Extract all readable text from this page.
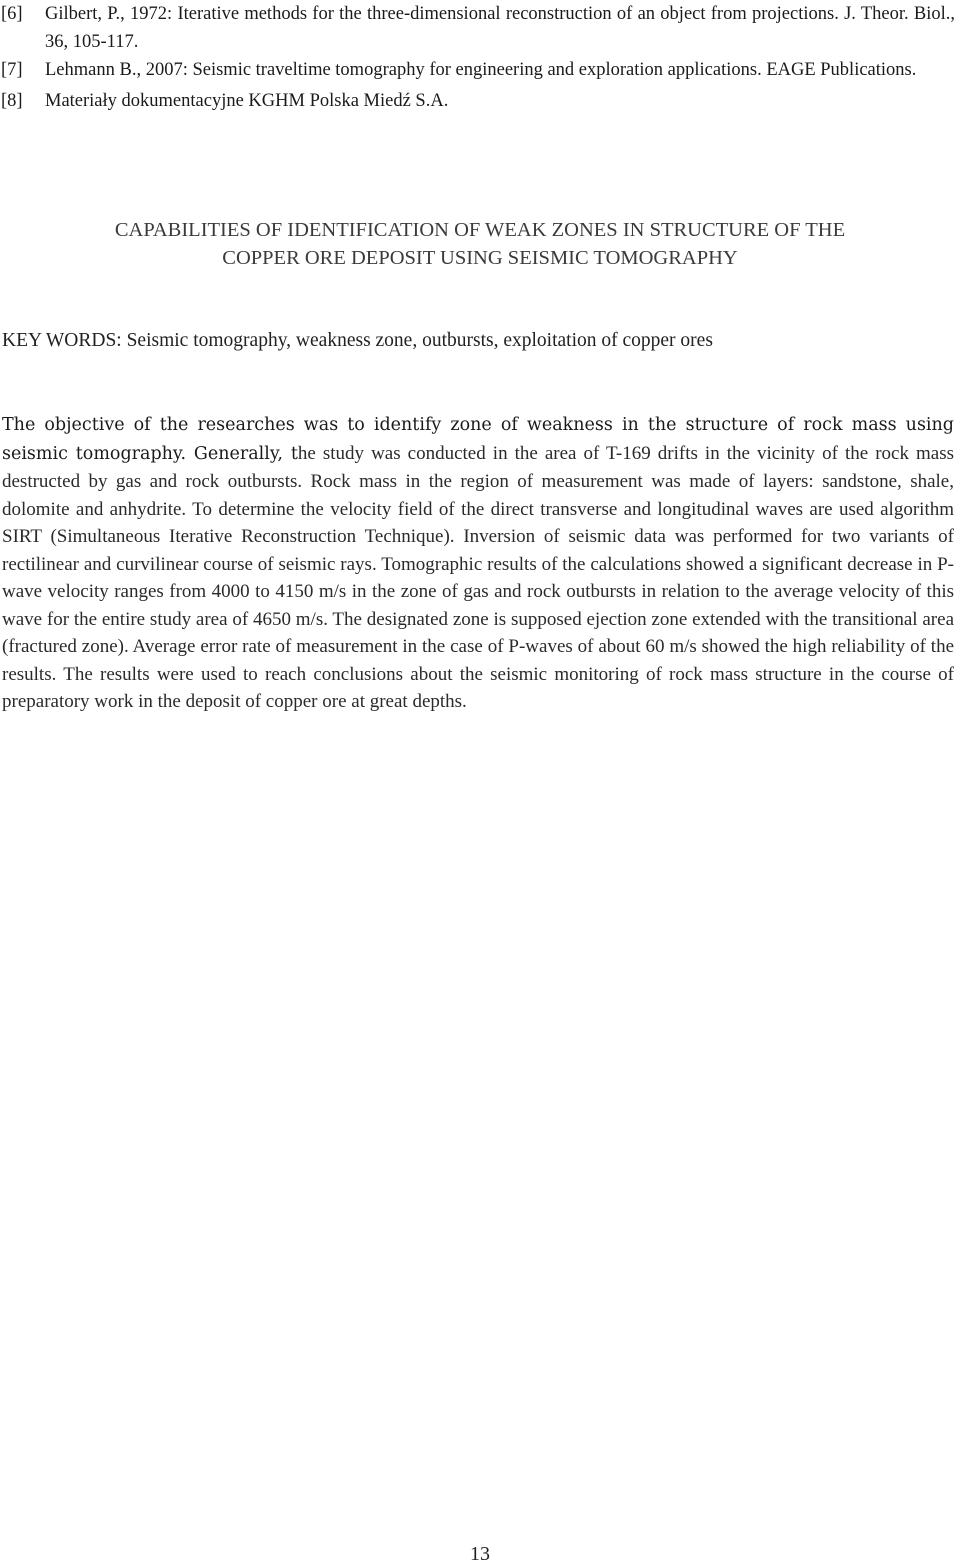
[6]	Gilbert, P., 1972: Iterative methods for the three-dimensional reconstruction of an object from projections. J. Theor. Biol., 36, 105-117.

[7]	Lehmann B., 2007: Seismic traveltime tomography for engineering and exploration applications. EAGE Publications.

[8]	Materiały dokumentacyjne KGHM Polska Miedź S.A.

CAPABILITIES OF IDENTIFICATION OF WEAK ZONES IN STRUCTURE OF THE
COPPER ORE DEPOSIT USING SEISMIC TOMOGRAPHY
KEY WORDS: Seismic tomography, weakness zone, outbursts, exploitation of copper ores
The objective of the researches was to identify zone of weakness in the structure of rock mass using seismic tomography. Generally, the study was conducted in the area of T-169 drifts in the vicinity of the rock mass destructed by gas and rock outbursts. Rock mass in the region of measurement was made of layers: sandstone, shale, dolomite and anhydrite. To determine the velocity field of the direct transverse and longitudinal waves are used algorithm SIRT (Simultaneous Iterative Reconstruction Technique). Inversion of seismic data was performed for two variants of rectilinear and curvilinear course of seismic rays. Tomographic results of the calculations showed a significant decrease in P-wave velocity ranges from 4000 to 4150 m/s in the zone of gas and rock outbursts in relation to the average velocity of this wave for the entire study area of 4650 m/s. The designated zone is supposed ejection zone extended with the transitional area (fractured zone). Average error rate of measurement in the case of P-waves of about 60 m/s showed the high reliability of the results. The results were used to reach conclusions about the seismic monitoring of rock mass structure in the course of preparatory work in the deposit of copper ore at great depths.
13
